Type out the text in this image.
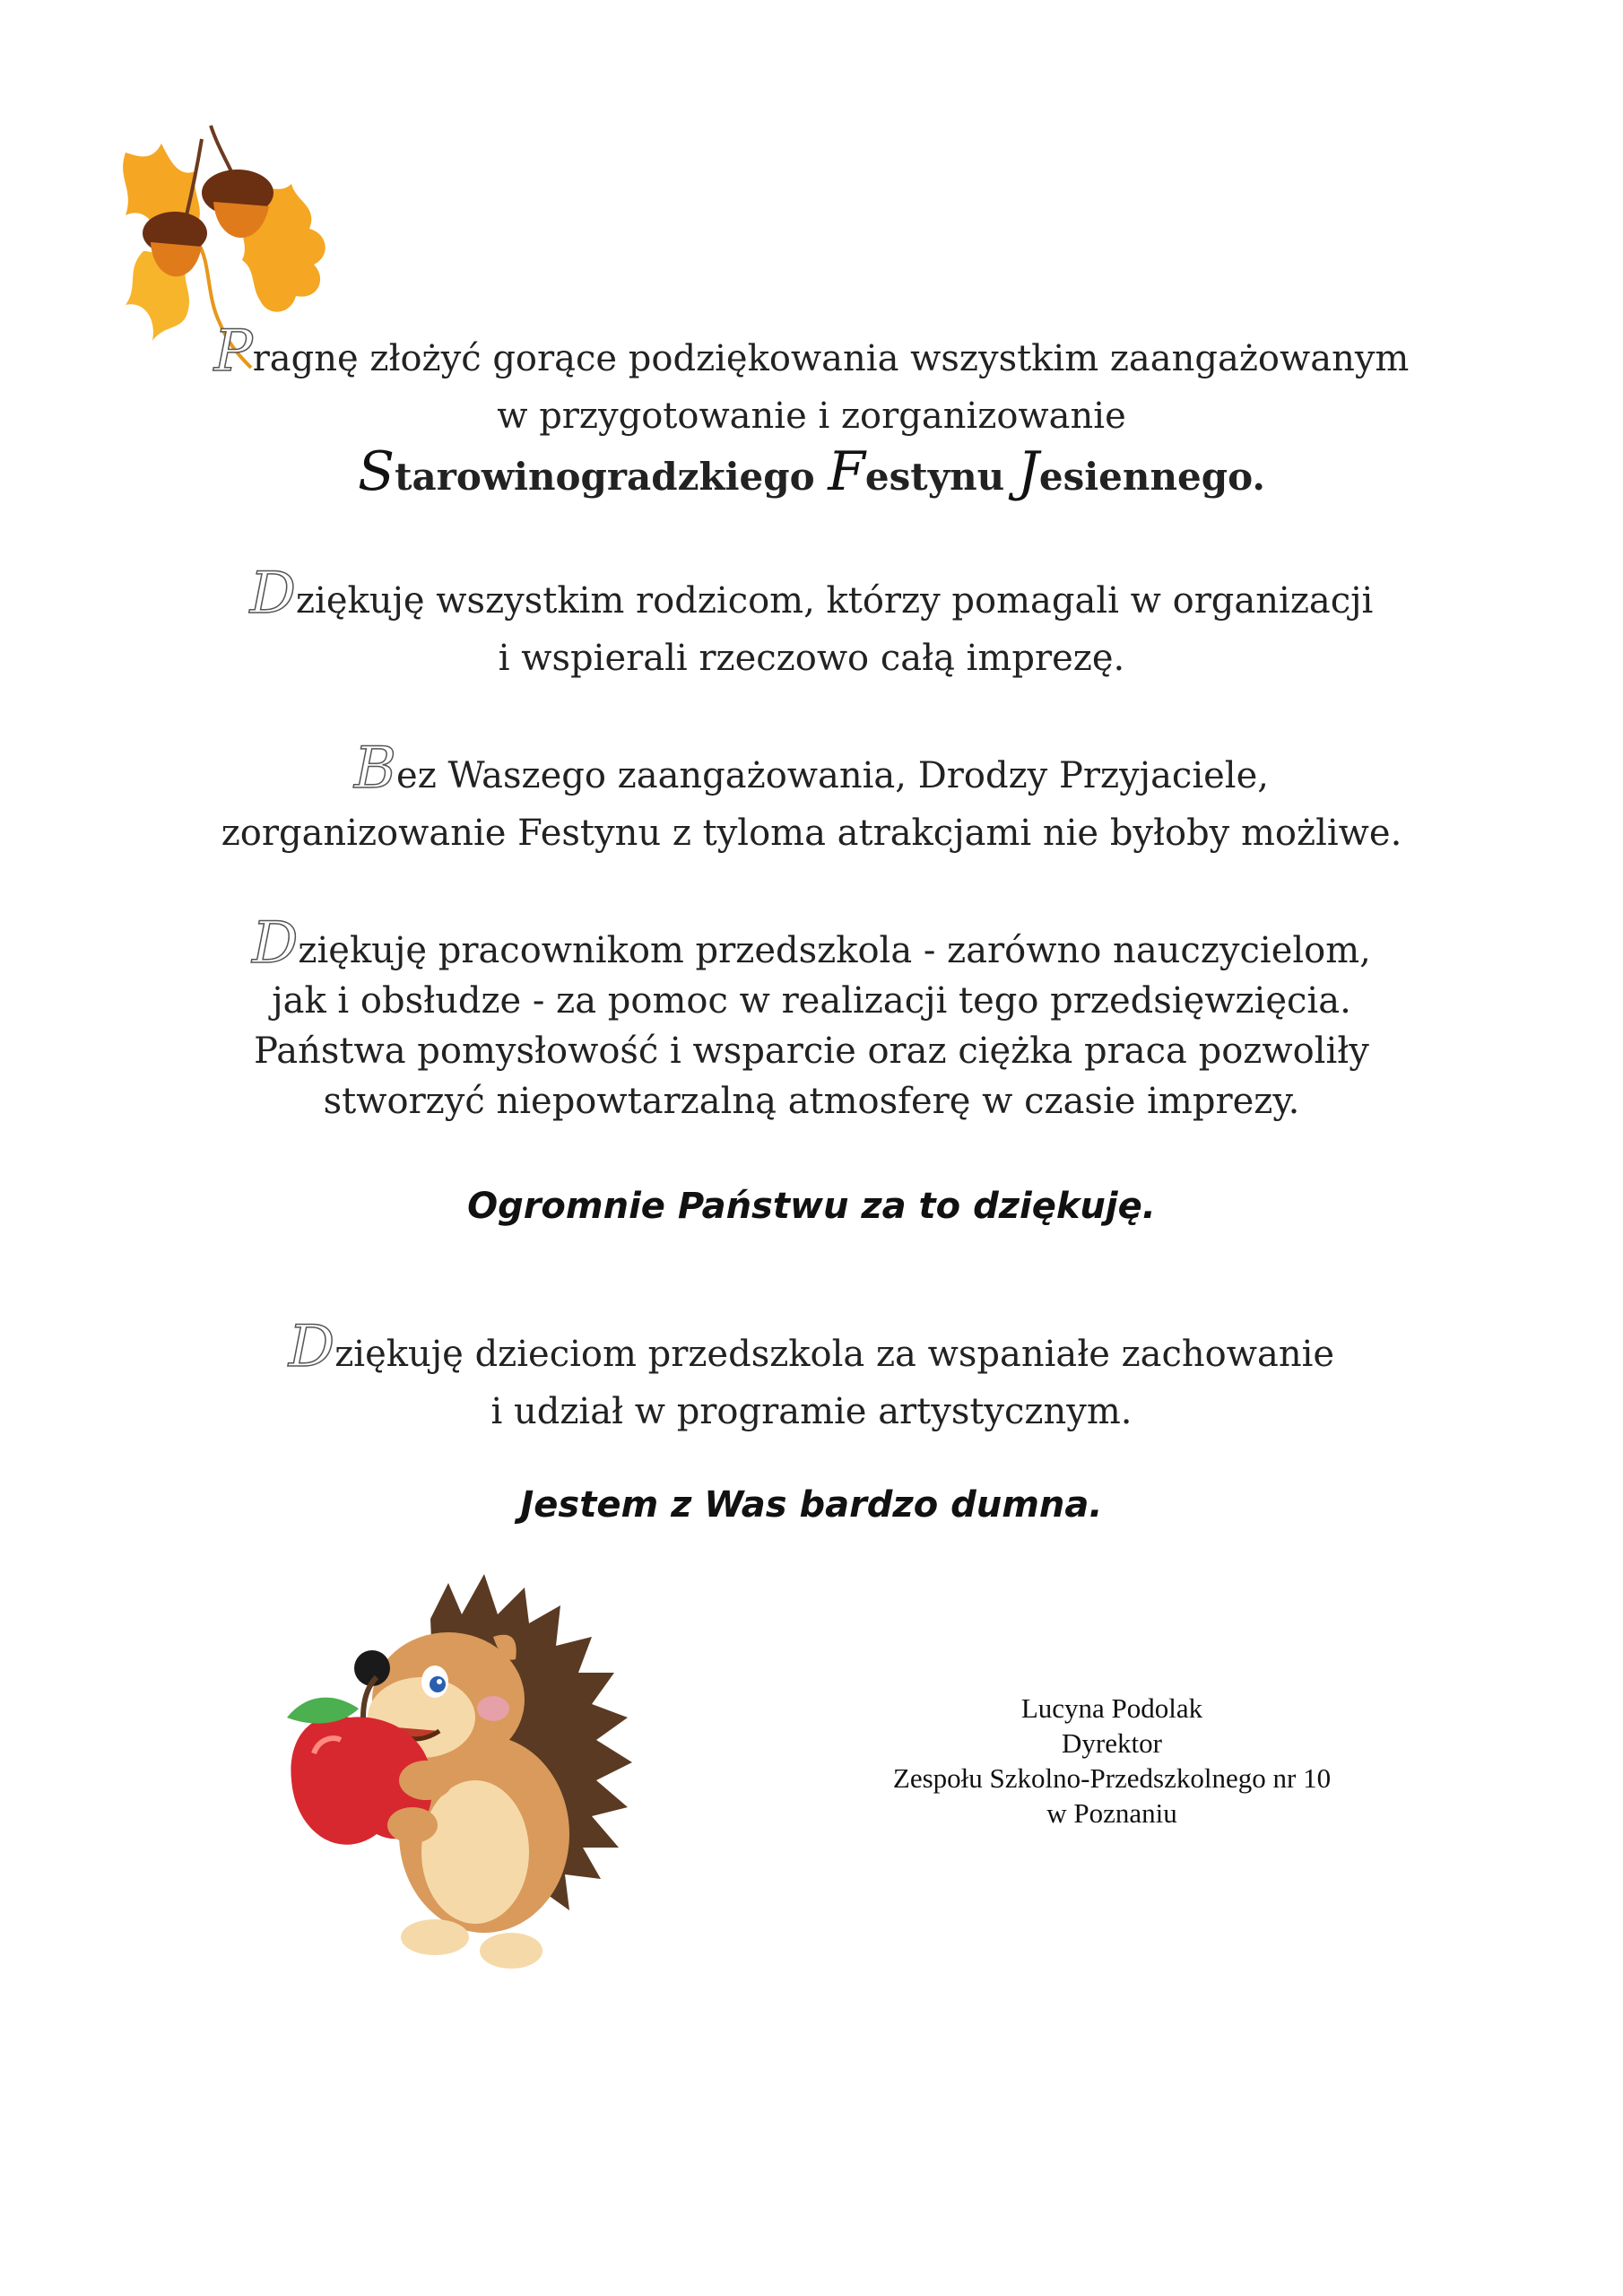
Pragnę złożyć gorące podziękowania wszystkim zaangażowanym
w przygotowanie i zorganizowanie
Starowinogradzkiego Festynu Jesiennego.
Dziękuję wszystkim rodzicom, którzy pomagali w organizacji
i wspierali rzeczowo całą imprezę.
Bez Waszego zaangażowania, Drodzy Przyjaciele,
zorganizowanie Festynu z tyloma atrakcjami nie byłoby możliwe.
Dziękuję pracownikom przedszkola - zarówno nauczycielom,
jak i obsłudze - za pomoc w realizacji tego przedsięwzięcia.
Państwa pomysłowość i wsparcie oraz ciężka praca pozwoliły
stworzyć niepowtarzalną atmosferę w czasie imprezy.
Ogromnie Państwu za to dziękuję.
Dziękuję dzieciom przedszkola za wspaniałe zachowanie
i udział w programie artystycznym.
Jestem z Was bardzo dumna.
Lucyna Podolak
Dyrektor
Zespołu Szkolno-Przedszkolnego nr 10
w Poznaniu
